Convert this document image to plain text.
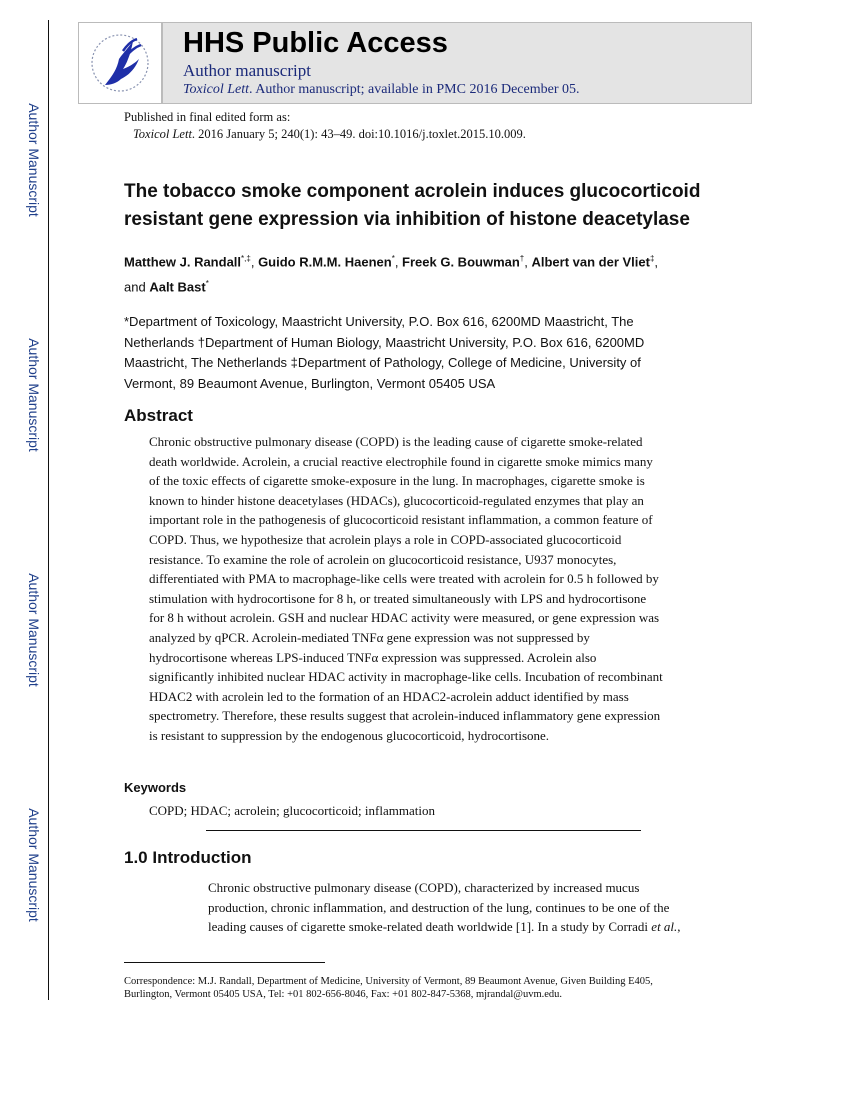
Author Manuscript
Author Manuscript
Author Manuscript
Author Manuscript
HHS Public Access
Author manuscript
Toxicol Lett. Author manuscript; available in PMC 2016 December 05.
Published in final edited form as:
Toxicol Lett. 2016 January 5; 240(1): 43–49. doi:10.1016/j.toxlet.2015.10.009.
The tobacco smoke component acrolein induces glucocorticoid
resistant gene expression via inhibition of histone deacetylase
Matthew J. Randall*,‡, Guido R.M.M. Haenen*, Freek G. Bouwman†, Albert van der Vliet‡,
and Aalt Bast*
*Department of Toxicology, Maastricht University, P.O. Box 616, 6200MD Maastricht, The
Netherlands †Department of Human Biology, Maastricht University, P.O. Box 616, 6200MD
Maastricht, The Netherlands ‡Department of Pathology, College of Medicine, University of
Vermont, 89 Beaumont Avenue, Burlington, Vermont 05405 USA
Abstract
Chronic obstructive pulmonary disease (COPD) is the leading cause of cigarette smoke-related
death worldwide. Acrolein, a crucial reactive electrophile found in cigarette smoke mimics many
of the toxic effects of cigarette smoke-exposure in the lung. In macrophages, cigarette smoke is
known to hinder histone deacetylases (HDACs), glucocorticoid-regulated enzymes that play an
important role in the pathogenesis of glucocorticoid resistant inflammation, a common feature of
COPD. Thus, we hypothesize that acrolein plays a role in COPD-associated glucocorticoid
resistance. To examine the role of acrolein on glucocorticoid resistance, U937 monocytes,
differentiated with PMA to macrophage-like cells were treated with acrolein for 0.5 h followed by
stimulation with hydrocortisone for 8 h, or treated simultaneously with LPS and hydrocortisone
for 8 h without acrolein. GSH and nuclear HDAC activity were measured, or gene expression was
analyzed by qPCR. Acrolein-mediated TNFα gene expression was not suppressed by
hydrocortisone whereas LPS-induced TNFα expression was suppressed. Acrolein also
significantly inhibited nuclear HDAC activity in macrophage-like cells. Incubation of recombinant
HDAC2 with acrolein led to the formation of an HDAC2-acrolein adduct identified by mass
spectrometry. Therefore, these results suggest that acrolein-induced inflammatory gene expression
is resistant to suppression by the endogenous glucocorticoid, hydrocortisone.
Keywords
COPD; HDAC; acrolein; glucocorticoid; inflammation
1.0 Introduction
Chronic obstructive pulmonary disease (COPD), characterized by increased mucus
production, chronic inflammation, and destruction of the lung, continues to be one of the
leading causes of cigarette smoke-related death worldwide [1]. In a study by Corradi et al.,
Correspondence: M.J. Randall, Department of Medicine, University of Vermont, 89 Beaumont Avenue, Given Building E405,
Burlington, Vermont 05405 USA, Tel: +01 802-656-8046, Fax: +01 802-847-5368, mjrandal@uvm.edu.
